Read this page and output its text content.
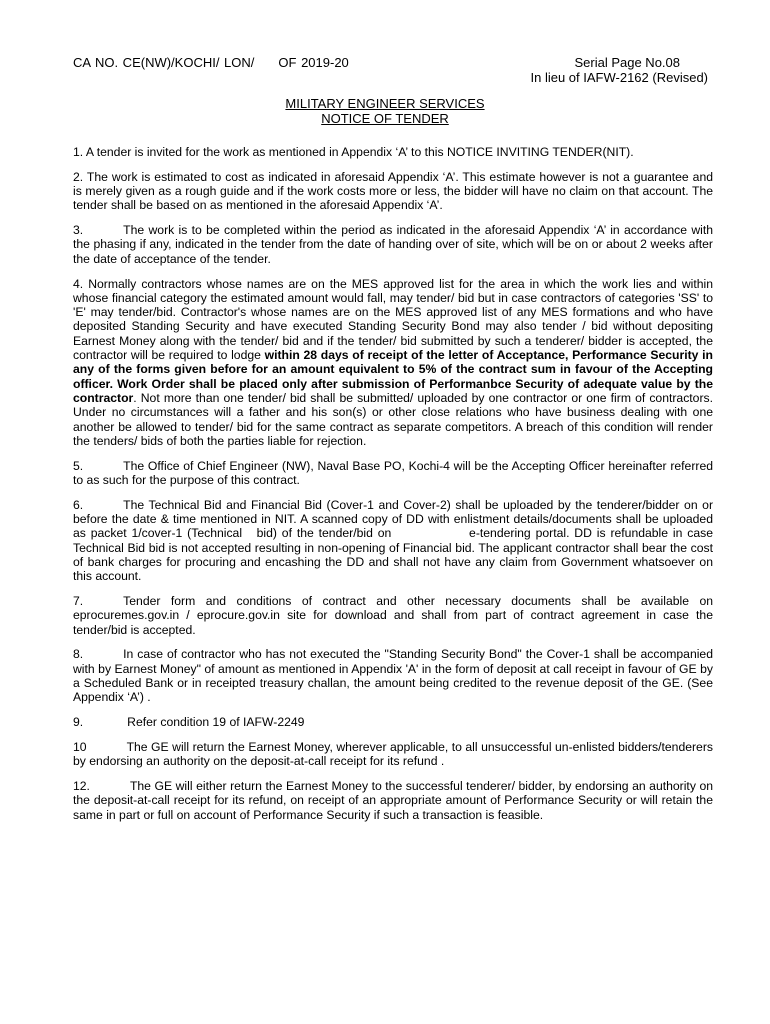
CA NO. CE(NW)/KOCHI/ LON/ OF 2019-20	Serial Page No.08
In lieu of IAFW-2162 (Revised)
MILITARY ENGINEER SERVICES
NOTICE OF TENDER

1. A tender is invited for the work as mentioned in Appendix ‘A’ to this NOTICE INVITING TENDER(NIT).

2. The work is estimated to cost as indicated in aforesaid Appendix ‘A’. This estimate however is not a guarantee and is merely given as a rough guide and if the work costs more or less, the bidder will have no claim on that account. The tender shall be based on as mentioned in the aforesaid Appendix ‘A’.

3.	The work is to be completed within the period as indicated in the aforesaid Appendix ‘A’ in accordance with the phasing if any, indicated in the tender from the date of handing over of site, which will be on or about 2 weeks after the date of acceptance of the tender.

4. Normally contractors whose names are on the MES approved list for the area in which the work lies and within whose financial category the estimated amount would fall, may tender/ bid but in case contractors of categories 'SS' to 'E' may tender/bid. Contractor's whose names are on the MES approved list of any MES formations and who have deposited Standing Security and have executed Standing Security Bond may also tender / bid without depositing Earnest Money along with the tender/ bid and if the tender/ bid submitted by such a tenderer/ bidder is accepted, the contractor will be required to lodge within 28 days of receipt of the letter of Acceptance, Performance Security in any of the forms given before for an amount equivalent to 5% of the contract sum in favour of the Accepting officer. Work Order shall be placed only after submission of Performanbce Security of adequate value by the contractor. Not more than one tender/ bid shall be submitted/ uploaded by one contractor or one firm of contractors. Under no circumstances will a father and his son(s) or other close relations who have business dealing with one another be allowed to tender/ bid for the same contract as separate competitors. A breach of this condition will render the tenders/ bids of both the parties liable for rejection.

5.	The Office of Chief Engineer (NW), Naval Base PO, Kochi-4 will be the Accepting Officer hereinafter referred to as such for the purpose of this contract.

6.	The Technical Bid and Financial Bid (Cover-1 and Cover-2) shall be uploaded by the tenderer/bidder on or before the date & time mentioned in NIT. A scanned copy of DD with enlistment details/documents shall be uploaded as packet 1/cover-1 (Technical   bid) of the tender/bid on                e-tendering portal. DD is refundable in case Technical Bid bid is not accepted resulting in non-opening of Financial bid. The applicant contractor shall bear the cost of bank charges for procuring and encashing the DD and shall not have any claim from Government whatsoever on this account.

7.	Tender form and conditions of contract and other necessary documents shall be available on eprocuremes.gov.in / eprocure.gov.in site for download and shall from part of contract agreement in case the tender/bid is accepted.

8.	In case of contractor who has not executed the "Standing Security Bond" the Cover-1 shall be accompanied with by Earnest Money" of amount as mentioned in Appendix 'A' in the form of deposit at call receipt in favour of GE by a Scheduled Bank or in receipted treasury challan, the amount being credited to the revenue deposit of the GE. (See Appendix ‘A’) .

9.	Refer condition 19 of IAFW-2249

10	The GE will return the Earnest Money, wherever applicable, to all unsuccessful un-enlisted bidders/tenderers by endorsing an authority on the deposit-at-call receipt for its refund .

12.	The GE will either return the Earnest Money to the successful tenderer/ bidder, by endorsing an authority on the deposit-at-call receipt for its refund, on receipt of an appropriate amount of Performance Security or will retain the same in part or full on account of Performance Security if such a transaction is feasible.
